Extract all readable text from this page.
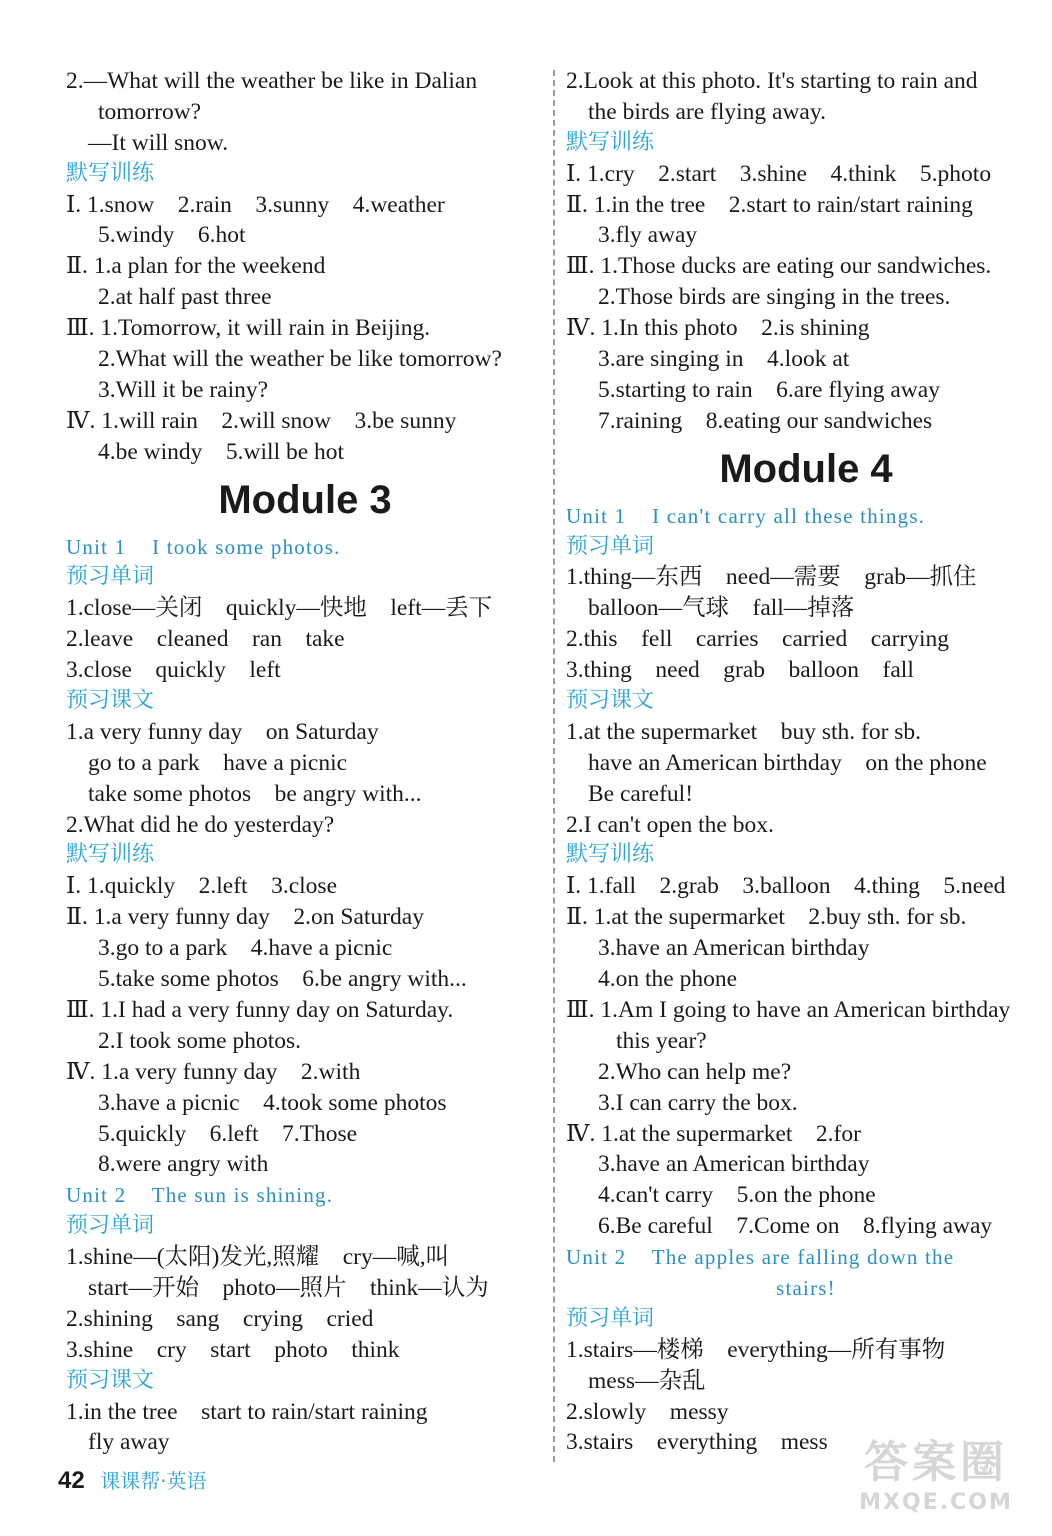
2.—What will the weather be like in Dalian
tomorrow?
—It will snow.
默写训练
Ⅰ. 1.snow    2.rain    3.sunny    4.weather
5.windy    6.hot
Ⅱ. 1.a plan for the weekend
2.at half past three
Ⅲ. 1.Tomorrow, it will rain in Beijing.
2.What will the weather be like tomorrow?
3.Will it be rainy?
Ⅳ. 1.will rain    2.will snow    3.be sunny
4.be windy    5.will be hot
Module 3
Unit 1    I took some photos.
预习单词
1.close—关闭    quickly—快地    left—丢下
2.leave    cleaned    ran    take
3.close    quickly    left
预习课文
1.a very funny day    on Saturday
go to a park    have a picnic
take some photos    be angry with...
2.What did he do yesterday?
默写训练
Ⅰ. 1.quickly    2.left    3.close
Ⅱ. 1.a very funny day    2.on Saturday
3.go to a park    4.have a picnic
5.take some photos    6.be angry with...
Ⅲ. 1.I had a very funny day on Saturday.
2.I took some photos.
Ⅳ. 1.a very funny day    2.with
3.have a picnic    4.took some photos
5.quickly    6.left    7.Those
8.were angry with
Unit 2    The sun is shining.
预习单词
1.shine—(太阳)发光,照耀    cry—喊,叫
start—开始    photo—照片    think—认为
2.shining    sang    crying    cried
3.shine    cry    start    photo    think
预习课文
1.in the tree    start to rain/start raining
fly away
2.Look at this photo. It's starting to rain and
the birds are flying away.
默写训练
Ⅰ. 1.cry    2.start    3.shine    4.think    5.photo
Ⅱ. 1.in the tree    2.start to rain/start raining
3.fly away
Ⅲ. 1.Those ducks are eating our sandwiches.
2.Those birds are singing in the trees.
Ⅳ. 1.In this photo    2.is shining
3.are singing in    4.look at
5.starting to rain    6.are flying away
7.raining    8.eating our sandwiches
Module 4
Unit 1    I can't carry all these things.
预习单词
1.thing—东西    need—需要    grab—抓住
balloon—气球    fall—掉落
2.this    fell    carries    carried    carrying
3.thing    need    grab    balloon    fall
预习课文
1.at the supermarket    buy sth. for sb.
have an American birthday    on the phone
Be careful!
2.I can't open the box.
默写训练
Ⅰ. 1.fall    2.grab    3.balloon    4.thing    5.need
Ⅱ. 1.at the supermarket    2.buy sth. for sb.
3.have an American birthday
4.on the phone
Ⅲ. 1.Am I going to have an American birthday
this year?
2.Who can help me?
3.I can carry the box.
Ⅳ. 1.at the supermarket    2.for
3.have an American birthday
4.can't carry    5.on the phone
6.Be careful    7.Come on    8.flying away
Unit 2    The apples are falling down the
stairs!
预习单词
1.stairs—楼梯    everything—所有事物
mess—杂乱
2.slowly    messy
3.stairs    everything    mess
42 课课帮·英语	答案圈
MXQE.COM
